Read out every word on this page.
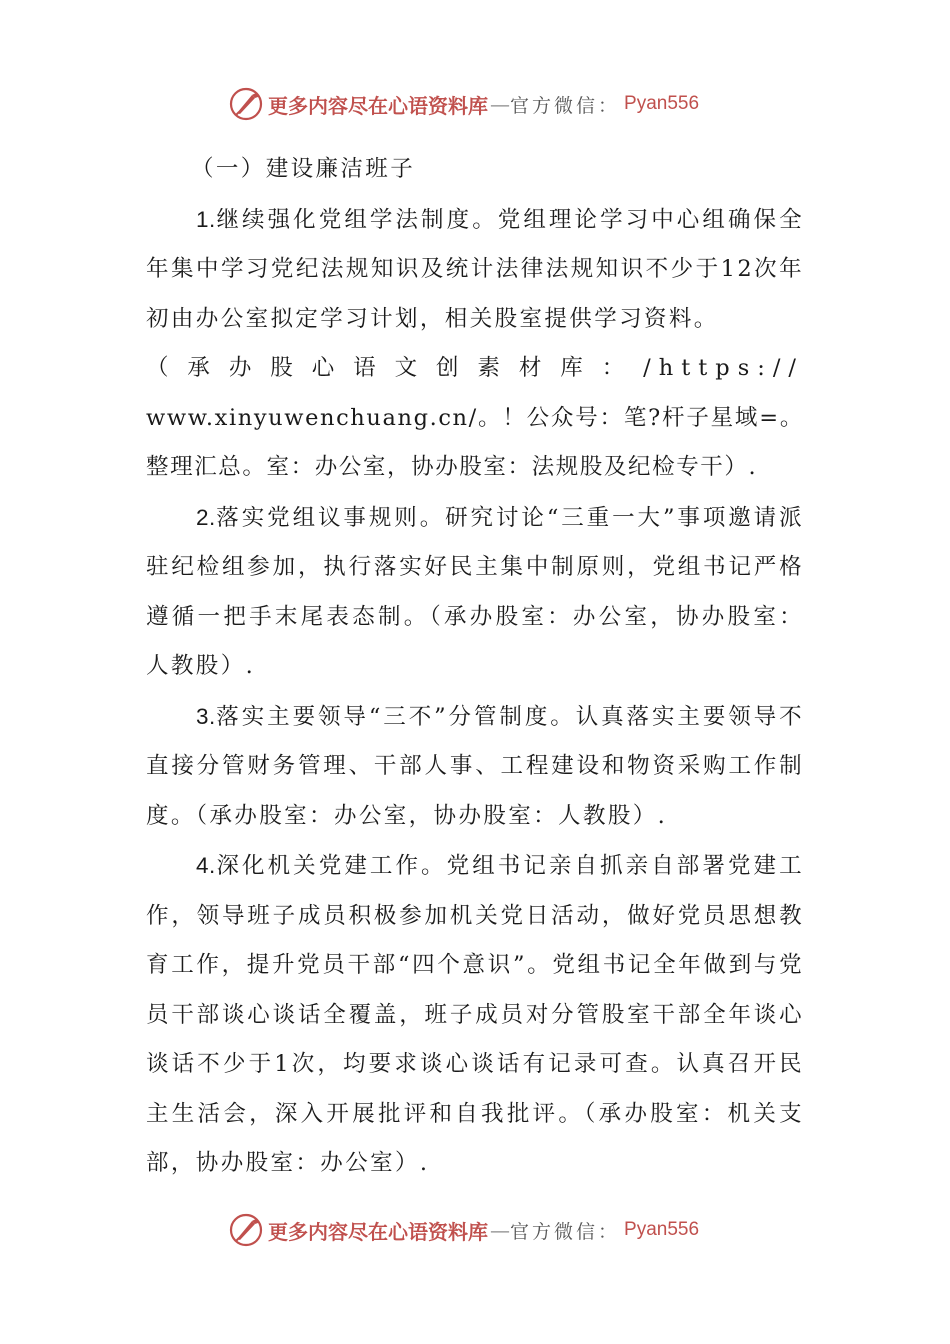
更多内容尽在心语资料库 — 官方微信： Pyan556

（一）建设廉洁班子

1.继续强化党组学法制度。党组理论学习中心组确保全年集中学习党纪法规知识及统计法律法规知识不少于12次年初由办公室拟定学习计划，相关股室提供学习资料。

（承办股心语文创素材库：/https://

www.xinyuwenchuang.cn/。！公众号：笔?杆子星域=。整理汇总。室：办公室，协办股室：法规股及纪检专干）.

2.落实党组议事规则。研究讨论“三重一大”事项邀请派驻纪检组参加，执行落实好民主集中制原则，党组书记严格遵循一把手末尾表态制。（承办股室：办公室，协办股室：人教股）.

3.落实主要领导“三不”分管制度。认真落实主要领导不直接分管财务管理、干部人事、工程建设和物资采购工作制度。（承办股室：办公室，协办股室：人教股）.

4.深化机关党建工作。党组书记亲自抓亲自部署党建工作，领导班子成员积极参加机关党日活动，做好党员思想教育工作，提升党员干部“四个意识”。党组书记全年做到与党员干部谈心谈话全覆盖，班子成员对分管股室干部全年谈心谈话不少于1次，均要求谈心谈话有记录可查。认真召开民主生活会，深入开展批评和自我批评。（承办股室：机关支部，协办股室：办公室）.

更多内容尽在心语资料库 — 官方微信： Pyan556
